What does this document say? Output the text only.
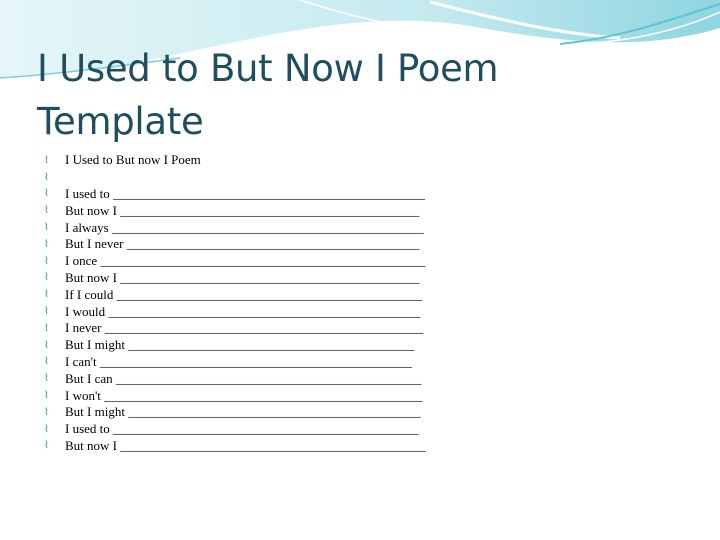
I Used to But Now I Poem Template
⌇	I Used to But now I Poem
⌇
⌇	I used to ________________________________________________
⌇	But now I ______________________________________________
⌇	I always ________________________________________________
⌇	But I never _____________________________________________
⌇	I once __________________________________________________
⌇	But now I ______________________________________________
⌇	If I could _______________________________________________
⌇	I would ________________________________________________
⌇	I never _________________________________________________
⌇	But I might ____________________________________________
⌇	I can't ________________________________________________
⌇	But I can _______________________________________________
⌇	I won't _________________________________________________
⌇	But I might _____________________________________________
⌇	I used to _______________________________________________
⌇	But now I _______________________________________________
